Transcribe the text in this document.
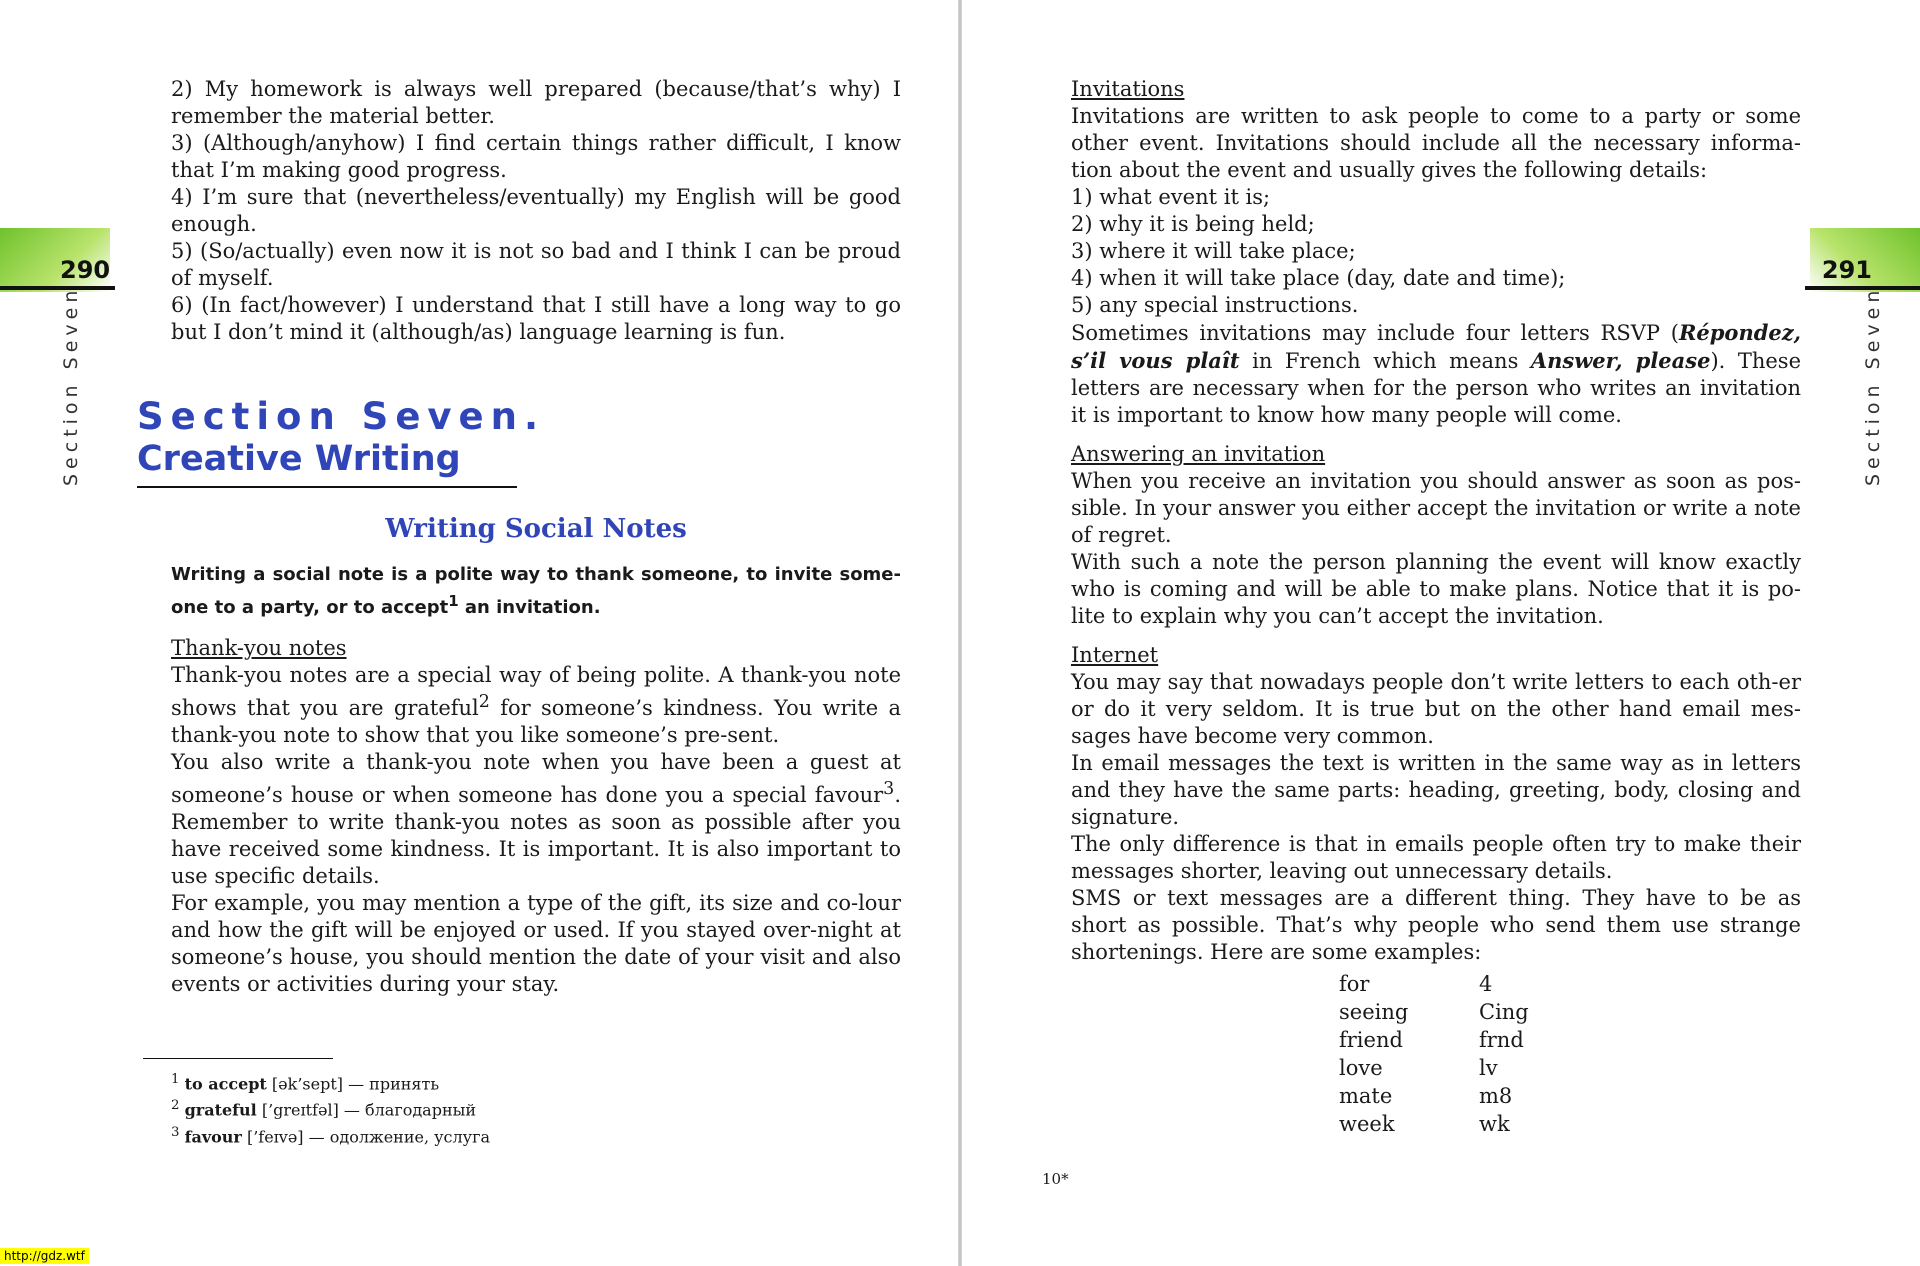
290
Section Seven

2) My homework is always well prepared (because/that’s why) I remember the material better.

3) (Although/anyhow) I find certain things rather difficult, I know that I’m making good progress.

4) I’m sure that (nevertheless/eventually) my English will be good enough.

5) (So/actually) even now it is not so bad and I think I can be proud of myself.

6) (In fact/however) I understand that I still have a long way to go but I don’t mind it (although/as) language learning is fun.

Section Seven.
Creative Writing
Writing Social Notes

Writing a social note is a polite way to thank someone, to invite some-one to a party, or to accept$^1$ an invitation.

Thank-you notes

Thank-you notes are a special way of being polite. A thank-you note shows that you are grateful$^2$ for someone’s kindness. You write a thank-you note to show that you like someone’s pre-sent.

You also write a thank-you note when you have been a guest at someone’s house or when someone has done you a special favour$^3$. Remember to write thank-you notes as soon as possible after you have received some kindness. It is important. It is also important to use specific details.

For example, you may mention a type of the gift, its size and co-lour and how the gift will be enjoyed or used. If you stayed over-night at someone’s house, you should mention the date of your visit and also events or activities during your stay.

$^1$ to accept [ək’sept] — принять

$^2$ grateful [’greɪtfəl] — благодарный

$^3$ favour [’feɪvə] — одолжение, услуга

http://gdz.wtf
291
Section Seven

Invitations

Invitations are written to ask people to come to a party or some other event. Invitations should include all the necessary informa-tion about the event and usually gives the following details:

1) what event it is;

2) why it is being held;

3) where it will take place;

4) when it will take place (day, date and time);

5) any special instructions.

Sometimes invitations may include four letters RSVP (Répondez, s’il vous plaît in French which means Answer, please). These letters are necessary when for the person who writes an invitation it is important to know how many people will come.

Answering an invitation

When you receive an invitation you should answer as soon as pos-sible. In your answer you either accept the invitation or write a note of regret.

With such a note the person planning the event will know exactly who is coming and will be able to make plans. Notice that it is po-lite to explain why you can’t accept the invitation.

Internet

You may say that nowadays people don’t write letters to each oth-er or do it very seldom. It is true but on the other hand email mes-sages have become very common.

In email messages the text is written in the same way as in letters and they have the same parts: heading, greeting, body, closing and signature.

The only difference is that in emails people often try to make their messages shorter, leaving out unnecessary details.

SMS or text messages are a different thing. They have to be as short as possible. That’s why people who send them use strange shortenings. Here are some examples:

for	4
seeing	Cing
friend	frnd
love	lv
mate	m8
week	wk
10*
